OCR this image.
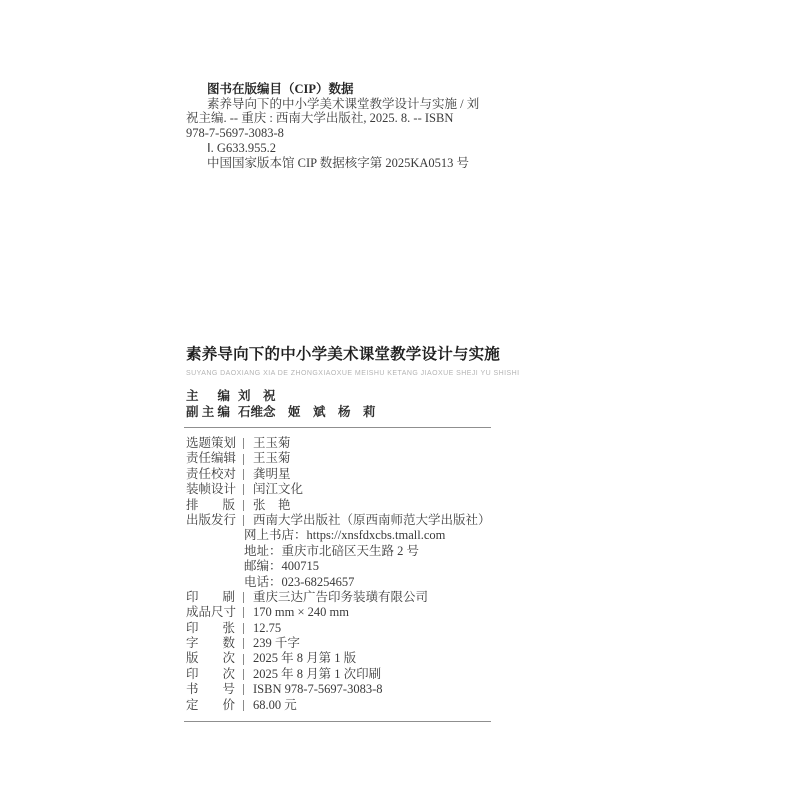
图书在版编目（CIP）数据
素养导向下的中小学美术课堂教学设计与实施 / 刘
祝主编. -- 重庆 : 西南大学出版社, 2025. 8. -- ISBN
978-7-5697-3083-8
Ⅰ. G633.955.2
中国国家版本馆 CIP 数据核字第 2025KA0513 号
素养导向下的中小学美术课堂教学设计与实施
SUYANG DAOXIANG XIA DE ZHONGXIAOXUE MEISHU KETANG JIAOXUE SHEJI YU SHISHI
主编 刘　祝
副主编 石维念　姬　斌　杨　莉
选题策划 王玉菊
责任编辑 王玉菊
责任校对 龚明星
装帧设计 闰江文化
排版 张　艳
出版发行 西南大学出版社（原西南师范大学出版社）
网上书店：https://xnsfdxcbs.tmall.com
地址：重庆市北碚区天生路 2 号
邮编：400715
电话：023-68254657
印刷 重庆三达广告印务装璜有限公司
成品尺寸 170 mm × 240 mm
印张 12.75
字数 239 千字
版次 2025 年 8 月第 1 版
印次 2025 年 8 月第 1 次印刷
书号 ISBN 978-7-5697-3083-8
定价 68.00 元
